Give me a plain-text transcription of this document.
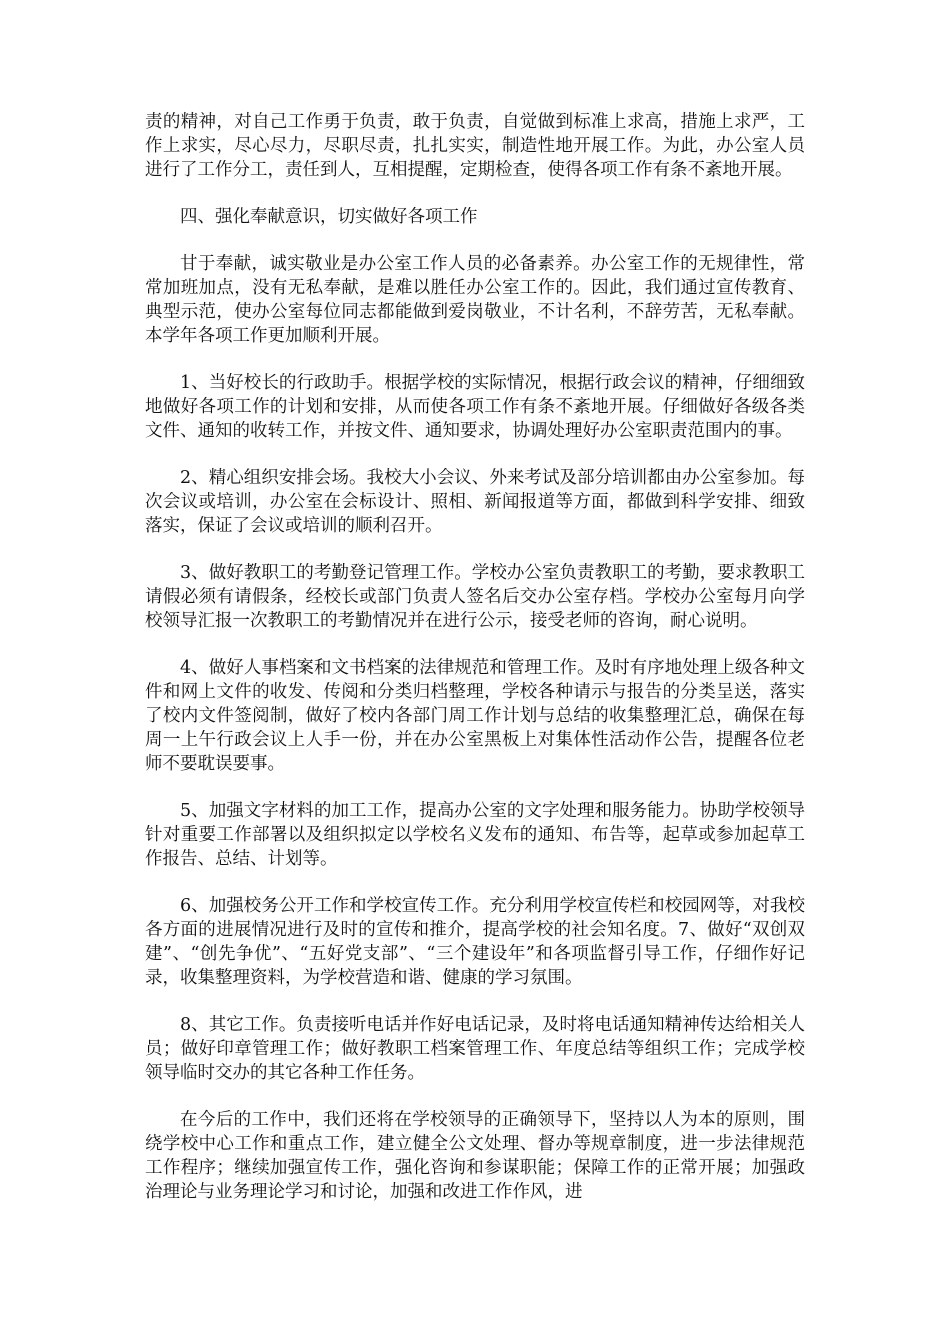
责的精神，对自己工作勇于负责，敢于负责，自觉做到标准上求高，措施上求严，工作上求实，尽心尽力，尽职尽责，扎扎实实，制造性地开展工作。为此，办公室人员进行了工作分工，责任到人，互相提醒，定期检查，使得各项工作有条不紊地开展。

四、强化奉献意识，切实做好各项工作

甘于奉献，诚实敬业是办公室工作人员的必备素养。办公室工作的无规律性，常常加班加点，没有无私奉献，是难以胜任办公室工作的。因此，我们通过宣传教育、典型示范，使办公室每位同志都能做到爱岗敬业，不计名利，不辞劳苦，无私奉献。本学年各项工作更加顺利开展。

1、当好校长的行政助手。根据学校的实际情况，根据行政会议的精神，仔细细致地做好各项工作的计划和安排，从而使各项工作有条不紊地开展。仔细做好各级各类文件、通知的收转工作，并按文件、通知要求，协调处理好办公室职责范围内的事。

2、精心组织安排会场。我校大小会议、外来考试及部分培训都由办公室参加。每次会议或培训，办公室在会标设计、照相、新闻报道等方面，都做到科学安排、细致落实，保证了会议或培训的顺利召开。

3、做好教职工的考勤登记管理工作。学校办公室负责教职工的考勤，要求教职工请假必须有请假条，经校长或部门负责人签名后交办公室存档。学校办公室每月向学校领导汇报一次教职工的考勤情况并在进行公示，接受老师的咨询，耐心说明。

4、做好人事档案和文书档案的法律规范和管理工作。及时有序地处理上级各种文件和网上文件的收发、传阅和分类归档整理，学校各种请示与报告的分类呈送，落实了校内文件签阅制，做好了校内各部门周工作计划与总结的收集整理汇总，确保在每周一上午行政会议上人手一份，并在办公室黑板上对集体性活动作公告，提醒各位老师不要耽误要事。

5、加强文字材料的加工工作，提高办公室的文字处理和服务能力。协助学校领导针对重要工作部署以及组织拟定以学校名义发布的通知、布告等，起草或参加起草工作报告、总结、计划等。

6、加强校务公开工作和学校宣传工作。充分利用学校宣传栏和校园网等，对我校各方面的进展情况进行及时的宣传和推介，提高学校的社会知名度。7、做好“双创双建”、“创先争优”、“五好党支部”、“三个建设年”和各项监督引导工作，仔细作好记录，收集整理资料，为学校营造和谐、健康的学习氛围。

8、其它工作。负责接听电话并作好电话记录，及时将电话通知精神传达给相关人员；做好印章管理工作；做好教职工档案管理工作、年度总结等组织工作；完成学校领导临时交办的其它各种工作任务。

在今后的工作中，我们还将在学校领导的正确领导下，坚持以人为本的原则，围绕学校中心工作和重点工作，建立健全公文处理、督办等规章制度，进一步法律规范工作程序；继续加强宣传工作，强化咨询和参谋职能；保障工作的正常开展；加强政治理论与业务理论学习和讨论，加强和改进工作作风，进
